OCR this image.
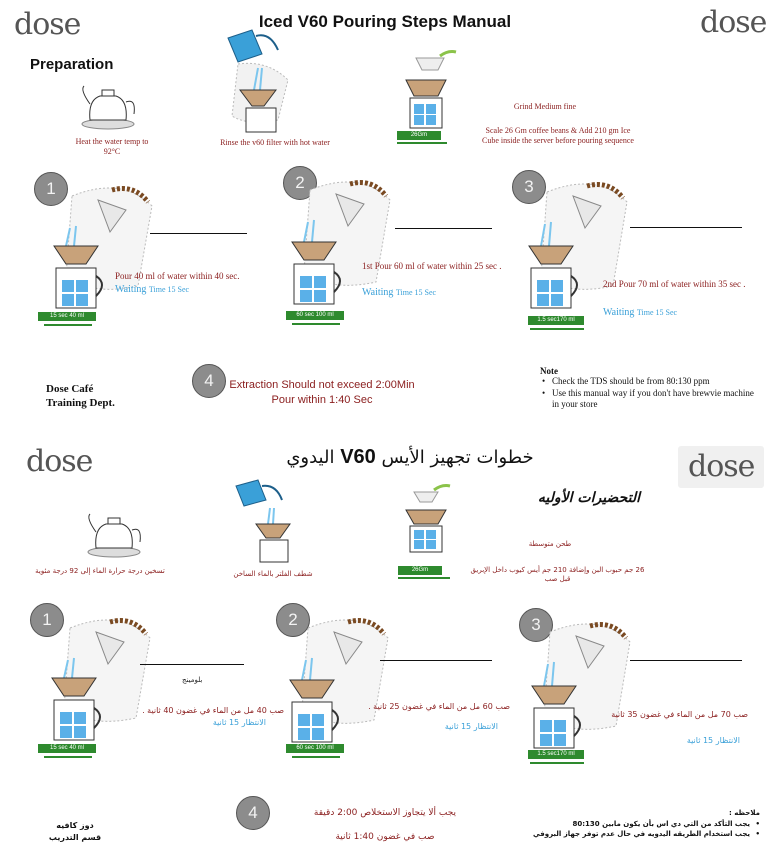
dose	dose
Iced V60 Pouring Steps Manual
Preparation
Heat the water temp to 92°C
Rinse the v60 filter with hot water
26Gm
Grind Medium fine
Scale 26 Gm coffee beans & Add 210 gm Ice Cube inside the server before pouring sequence
1
15 sec 40 ml
Pour 40 ml of water within 40 sec.
Waiting Time 15 Sec
2
60 sec 100 ml
1st Pour 60 ml of water within 25 sec .
Waiting Time 15 Sec
3
1.5 sec170 ml
2nd Pour 70 ml of water within 35 sec .
Waiting Time 15 Sec
Dose Café
Training Dept.
4	Extraction Should not exceed 2:00Min
Pour within 1:40 Sec
Note
• Check the TDS should be from 80:130 ppm
• Use this manual way if you don't have brewvie machine in your store
dose	dose
خطوات تجهيز الأيس V60 اليدوي
التحضيرات الأوليه
تسخين درجة حرارة الماء إلى 92 درجة مئوية	شطف الفلتر بالماء الساخن	26Gm
طحن متوسطة
26 جم حبوب البن وإضافة 210 جم أيس كيوب داخل الإبريق قبل صب
1
بلومينج
15 sec 40 ml
صب 40 مل من الماء في غضون 40 ثانية .
الانتظار 15 ثانية
2
60 sec 100 ml
صب 60 مل من الماء في غضون 25 ثانية .
الانتظار 15 ثانية
3
1.5 sec170 ml
صب 70 مل من الماء في غضون 35 ثانية
الانتظار 15 ثانية
دوز كافيه
قسم التدريب
4	يجب ألا يتجاوز الاستخلاص 2:00 دقيقة
صب في غضون 1:40 ثانية
ملاحظه :
• يجب التأكد من التي دي اس بأن يكون مابين 80:130
• يجب استخدام الطريقه اليدويه في حال عدم توفر جهاز البروفي
